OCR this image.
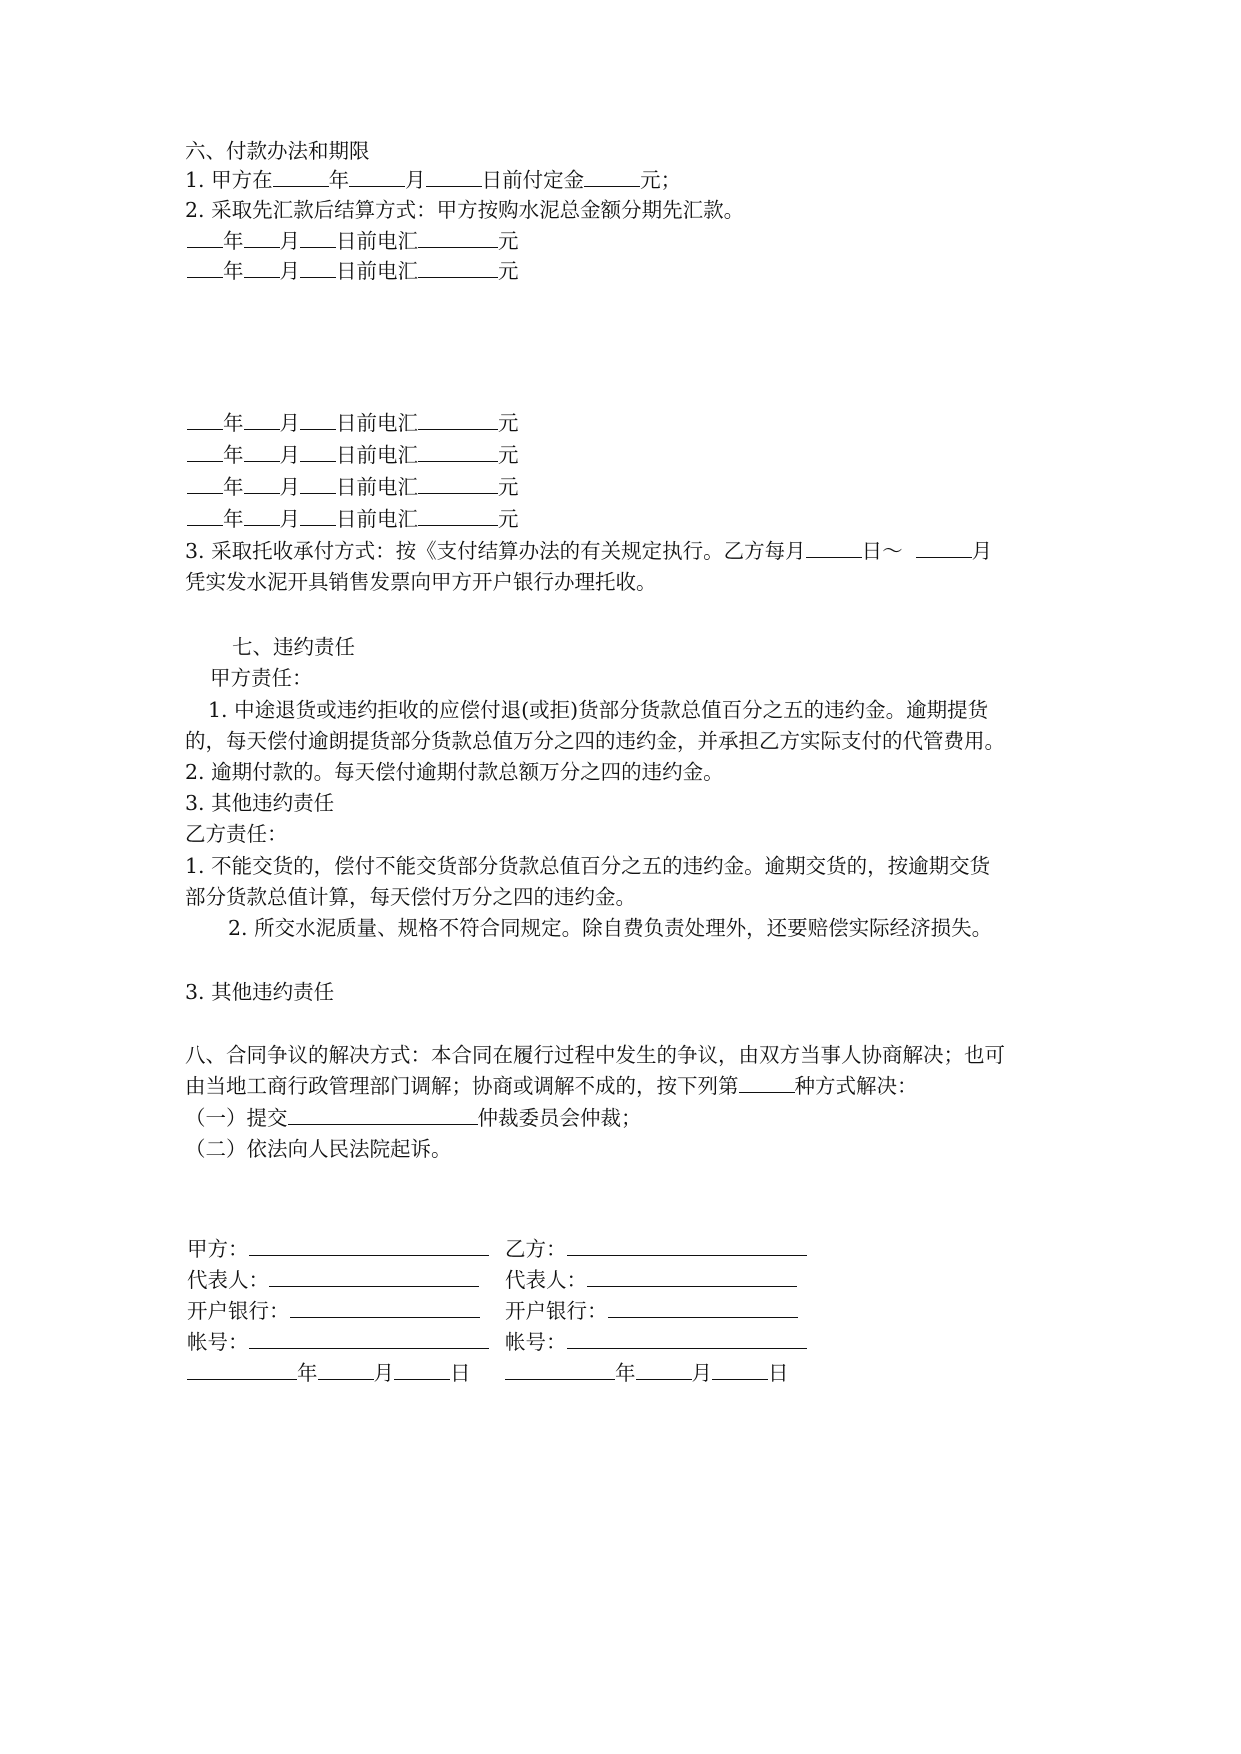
六、付款办法和期限
1. 甲方在	年	月	日前付定金	元；
2. 采取先汇款后结算方式：甲方按购水泥总金额分期先汇款。
年 月 日前电汇	元
年 月 日前电汇	元
年 月 日前电汇	元
年 月 日前电汇	元
年 月 日前电汇	元
年 月 日前电汇	元
3. 采取托收承付方式：按《支付结算办法的有关规定执行。乙方每月	日～	月
凭实发水泥开具销售发票向甲方开户银行办理托收。
七、违约责任
甲方责任：
1. 中途退货或违约拒收的应偿付退(或拒)货部分货款总值百分之五的违约金。逾期提货
的，每天偿付逾朗提货部分货款总值万分之四的违约金，并承担乙方实际支付的代管费用。
2. 逾期付款的。每天偿付逾期付款总额万分之四的违约金。
3. 其他违约责任
乙方责任：
1. 不能交货的，偿付不能交货部分货款总值百分之五的违约金。逾期交货的，按逾期交货
部分货款总值计算，每天偿付万分之四的违约金。
2. 所交水泥质量、规格不符合同规定。除自费负责处理外，还要赔偿实际经济损失。
3. 其他违约责任
八、合同争议的解决方式：本合同在履行过程中发生的争议，由双方当事人协商解决；也可
由当地工商行政管理部门调解；协商或调解不成的，按下列第	种方式解决：
（一）提交	仲裁委员会仲裁；
（二）依法向人民法院起诉。
甲方：	乙方：
代表人：	代表人：
开户银行：	开户银行：
帐号：	帐号：
年	月	日	年	月	日
